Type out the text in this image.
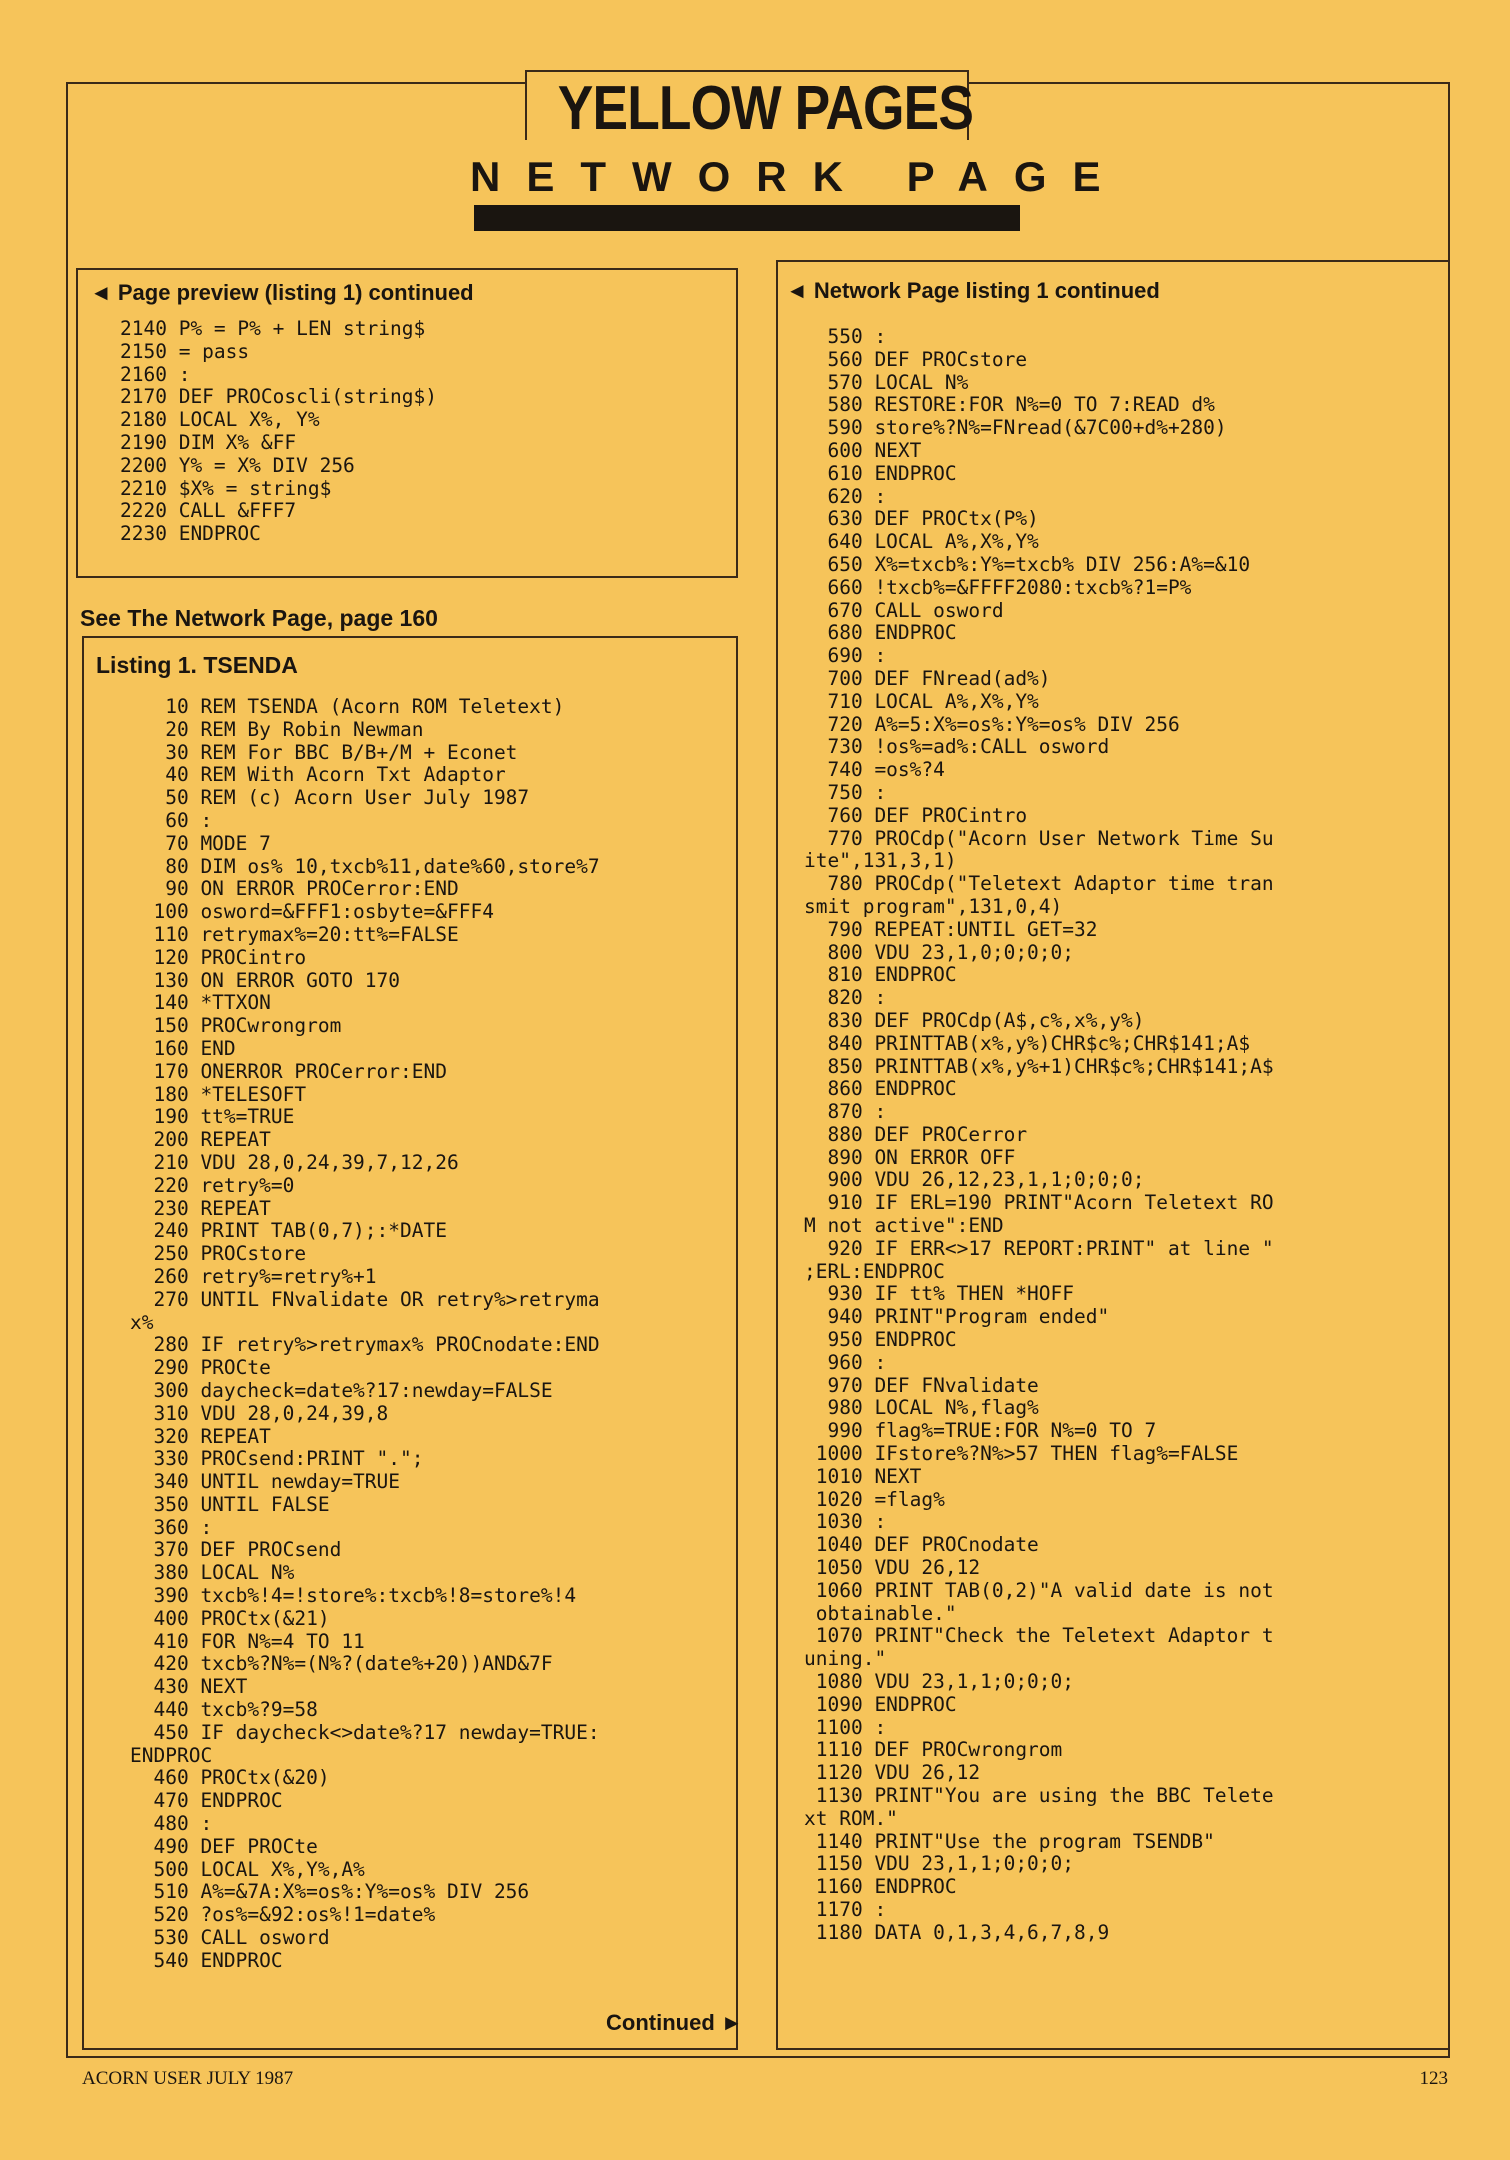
YELLOW PAGES
NETWORK PAGE
◄ Page preview (listing 1) continued
2140 P% = P% + LEN string$
2150 = pass
2160 :
2170 DEF PROCoscli(string$)
2180 LOCAL X%, Y%
2190 DIM X% &FF
2200 Y% = X% DIV 256
2210 $X% = string$
2220 CALL &FFF7
2230 ENDPROC
See The Network Page, page 160
Listing 1. TSENDA
10 REM TSENDA (Acorn ROM Teletext)
20 REM By Robin Newman
30 REM For BBC B/B+/M + Econet
40 REM With Acorn Txt Adaptor
50 REM (c) Acorn User July 1987
60 :
70 MODE 7
80 DIM os% 10,txcb%11,date%60,store%7
90 ON ERROR PROCerror:END
100 osword=&FFF1:osbyte=&FFF4
110 retrymax%=20:tt%=FALSE
120 PROCintro
130 ON ERROR GOTO 170
140 *TTXON
150 PROCwrongrom
160 END
170 ONERROR PROCerror:END
180 *TELESOFT
190 tt%=TRUE
200 REPEAT
210 VDU 28,0,24,39,7,12,26
220 retry%=0
230 REPEAT
240 PRINT TAB(0,7);:*DATE
250 PROCstore
260 retry%=retry%+1
270 UNTIL FNvalidate OR retry%>retryma
x%
280 IF retry%>retrymax% PROCnodate:END
290 PROCte
300 daycheck=date%?17:newday=FALSE
310 VDU 28,0,24,39,8
320 REPEAT
330 PROCsend:PRINT ".";
340 UNTIL newday=TRUE
350 UNTIL FALSE
360 :
370 DEF PROCsend
380 LOCAL N%
390 txcb%!4=!store%:txcb%!8=store%!4
400 PROCtx(&21)
410 FOR N%=4 TO 11
420 txcb%?N%=(N%?(date%+20))AND&7F
430 NEXT
440 txcb%?9=58
450 IF daycheck<>date%?17 newday=TRUE:
ENDPROC
460 PROCtx(&20)
470 ENDPROC
480 :
490 DEF PROCte
500 LOCAL X%,Y%,A%
510 A%=&7A:X%=os%:Y%=os% DIV 256
520 ?os%=&92:os%!1=date%
530 CALL osword
540 ENDPROC
Continued ►
◄ Network Page listing 1 continued
550 :
560 DEF PROCstore
570 LOCAL N%
580 RESTORE:FOR N%=0 TO 7:READ d%
590 store%?N%=FNread(&7C00+d%+280)
600 NEXT
610 ENDPROC
620 :
630 DEF PROCtx(P%)
640 LOCAL A%,X%,Y%
650 X%=txcb%:Y%=txcb% DIV 256:A%=&10
660 !txcb%=&FFFF2080:txcb%?1=P%
670 CALL osword
680 ENDPROC
690 :
700 DEF FNread(ad%)
710 LOCAL A%,X%,Y%
720 A%=5:X%=os%:Y%=os% DIV 256
730 !os%=ad%:CALL osword
740 =os%?4
750 :
760 DEF PROCintro
770 PROCdp("Acorn User Network Time Su
ite",131,3,1)
780 PROCdp("Teletext Adaptor time tran
smit program",131,0,4)
790 REPEAT:UNTIL GET=32
800 VDU 23,1,0;0;0;0;
810 ENDPROC
820 :
830 DEF PROCdp(A$,c%,x%,y%)
840 PRINTTAB(x%,y%)CHR$c%;CHR$141;A$
850 PRINTTAB(x%,y%+1)CHR$c%;CHR$141;A$
860 ENDPROC
870 :
880 DEF PROCerror
890 ON ERROR OFF
900 VDU 26,12,23,1,1;0;0;0;
910 IF ERL=190 PRINT"Acorn Teletext RO
M not active":END
920 IF ERR<>17 REPORT:PRINT" at line "
;ERL:ENDPROC
930 IF tt% THEN *HOFF
940 PRINT"Program ended"
950 ENDPROC
960 :
970 DEF FNvalidate
980 LOCAL N%,flag%
990 flag%=TRUE:FOR N%=0 TO 7
1000 IFstore%?N%>57 THEN flag%=FALSE
1010 NEXT
1020 =flag%
1030 :
1040 DEF PROCnodate
1050 VDU 26,12
1060 PRINT TAB(0,2)"A valid date is not
obtainable."
1070 PRINT"Check the Teletext Adaptor t
uning."
1080 VDU 23,1,1;0;0;0;
1090 ENDPROC
1100 :
1110 DEF PROCwrongrom
1120 VDU 26,12
1130 PRINT"You are using the BBC Telete
xt ROM."
1140 PRINT"Use the program TSENDB"
1150 VDU 23,1,1;0;0;0;
1160 ENDPROC
1170 :
1180 DATA 0,1,3,4,6,7,8,9
ACORN USER JULY 1987	123
